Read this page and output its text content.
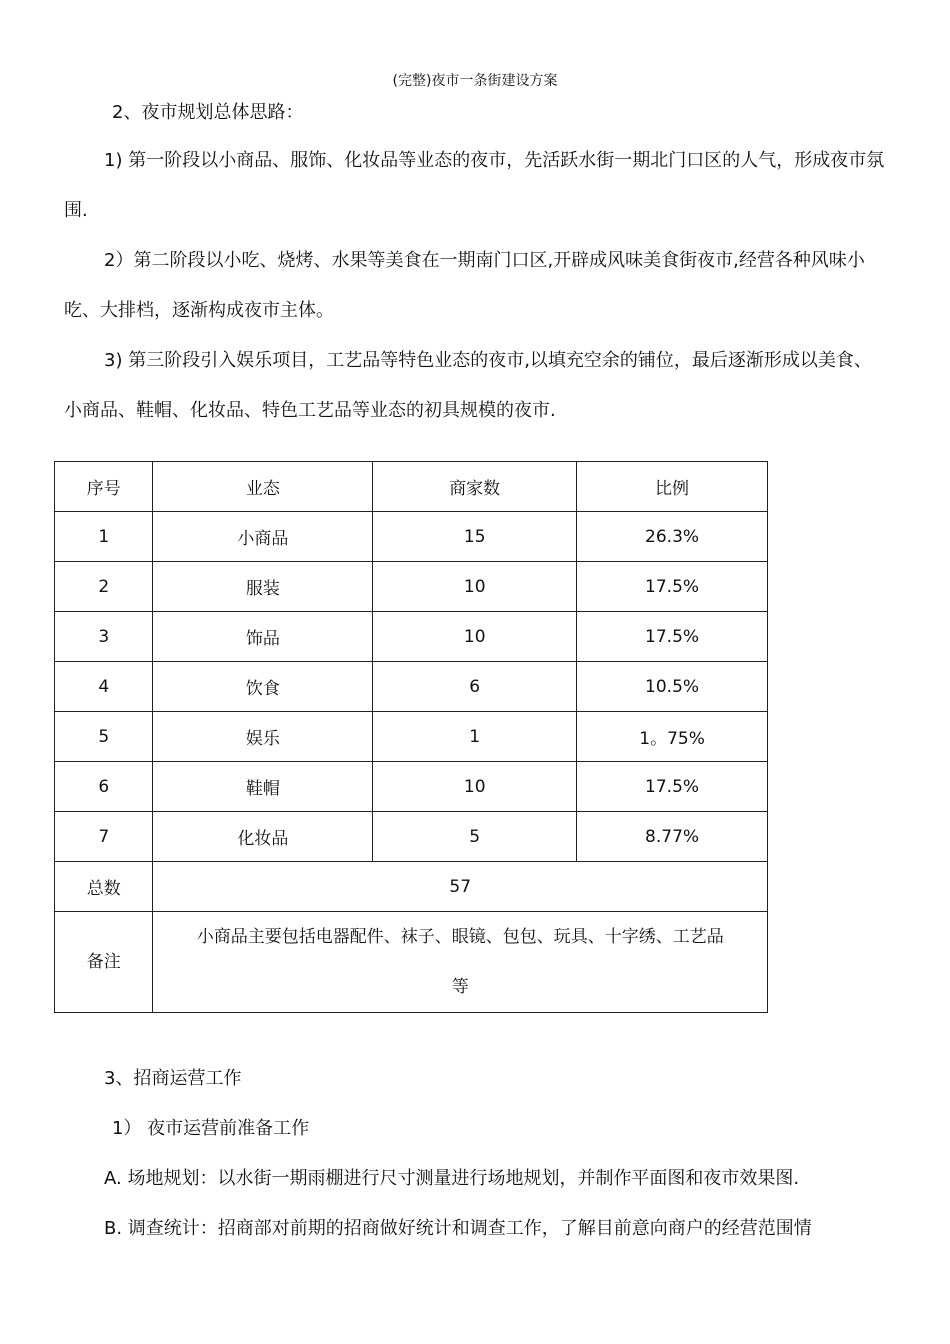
(完整)夜市一条街建设方案
2、夜市规划总体思路：

1) 第一阶段以小商品、服饰、化妆品等业态的夜市，先活跃水街一期北门口区的人气，形成夜市氛围.

2）第二阶段以小吃、烧烤、水果等美食在一期南门口区,开辟成风味美食街夜市,经营各种风味小吃、大排档，逐渐构成夜市主体。

3) 第三阶段引入娱乐项目，工艺品等特色业态的夜市,以填充空余的铺位，最后逐渐形成以美食、小商品、鞋帽、化妆品、特色工艺品等业态的初具规模的夜市.

序号	业态	商家数	比例
1	小商品	15	26.3%
2	服装	10	17.5%
3	饰品	10	17.5%
4	饮食	6	10.5%
5	娱乐	1	1。75%
6	鞋帽	10	17.5%
7	化妆品	5	8.77%
总数	57		
备注	小商品主要包括电器配件、袜子、眼镜、包包、玩具、十字绣、工艺品等		
3、招商运营工作
1） 夜市运营前准备工作
A. 场地规划：以水街一期雨棚进行尺寸测量进行场地规划，并制作平面图和夜市效果图.
B. 调查统计：招商部对前期的招商做好统计和调查工作，了解目前意向商户的经营范围情
